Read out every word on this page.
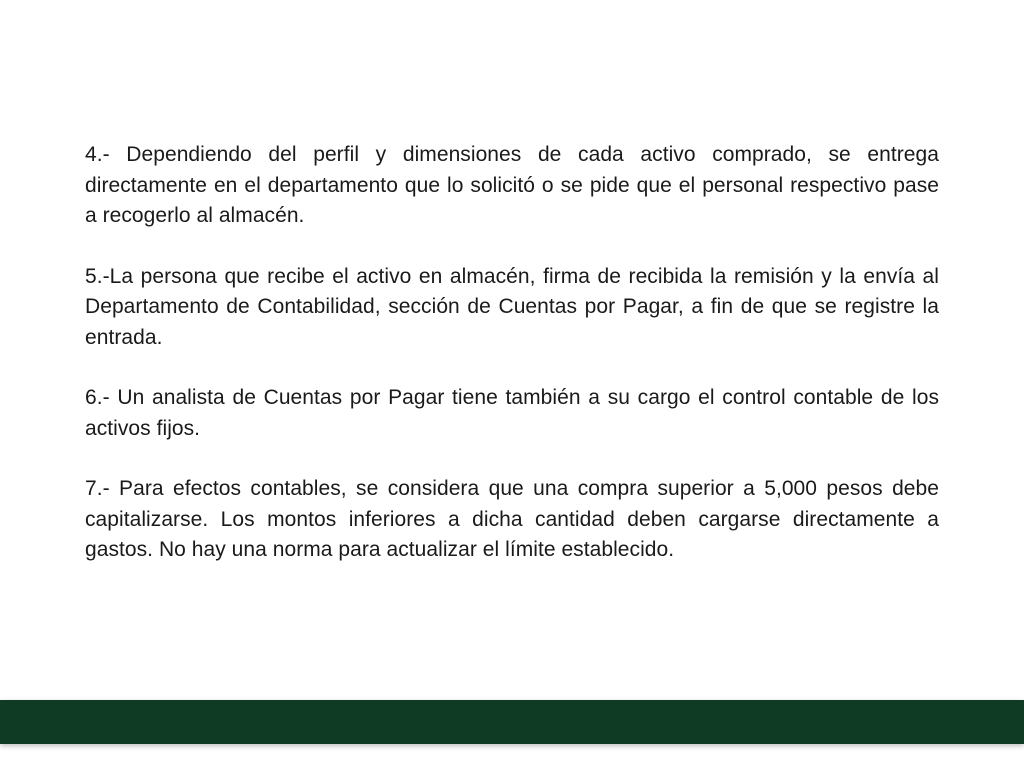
4.- Dependiendo del perfil y dimensiones de cada activo comprado, se entrega directamente en el departamento que lo solicitó o se pide que el personal respectivo pase a recogerlo al almacén.

5.-La persona que recibe el activo en almacén, firma de recibida la remisión y la envía al Departamento de Contabilidad, sección de Cuentas por Pagar, a fin de que se registre la entrada.

6.- Un analista de Cuentas por Pagar tiene también a su cargo el control contable de los activos fijos.

7.- Para efectos contables, se considera que una compra superior a 5,000 pesos debe capitalizarse. Los montos inferiores a dicha cantidad deben cargarse directamente a gastos. No hay una norma para actualizar el límite establecido.
